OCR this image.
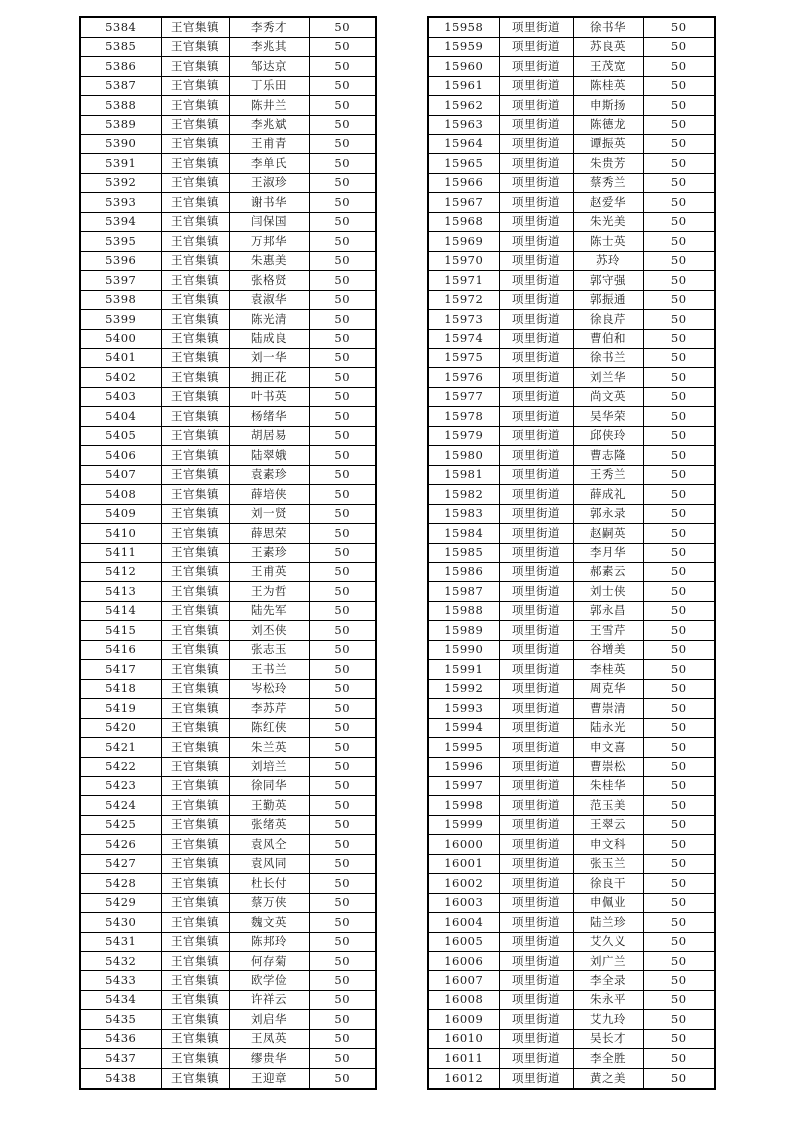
5384	王官集镇	李秀才	50
5385	王官集镇	李兆其	50
5386	王官集镇	邹达京	50
5387	王官集镇	丁乐田	50
5388	王官集镇	陈井兰	50
5389	王官集镇	李兆斌	50
5390	王官集镇	王甫青	50
5391	王官集镇	李单氏	50
5392	王官集镇	王淑珍	50
5393	王官集镇	谢书华	50
5394	王官集镇	闫保国	50
5395	王官集镇	万邦华	50
5396	王官集镇	朱惠美	50
5397	王官集镇	张格贤	50
5398	王官集镇	袁淑华	50
5399	王官集镇	陈光清	50
5400	王官集镇	陆成良	50
5401	王官集镇	刘一华	50
5402	王官集镇	拥正花	50
5403	王官集镇	叶书英	50
5404	王官集镇	杨绪华	50
5405	王官集镇	胡居易	50
5406	王官集镇	陆翠娥	50
5407	王官集镇	袁素珍	50
5408	王官集镇	薛培侠	50
5409	王官集镇	刘一贤	50
5410	王官集镇	薛思荣	50
5411	王官集镇	王素珍	50
5412	王官集镇	王甫英	50
5413	王官集镇	王为哲	50
5414	王官集镇	陆先军	50
5415	王官集镇	刘丕侠	50
5416	王官集镇	张志玉	50
5417	王官集镇	王书兰	50
5418	王官集镇	岑松玲	50
5419	王官集镇	李苏芹	50
5420	王官集镇	陈红侠	50
5421	王官集镇	朱兰英	50
5422	王官集镇	刘培兰	50
5423	王官集镇	徐同华	50
5424	王官集镇	王勤英	50
5425	王官集镇	张绪英	50
5426	王官集镇	袁风仝	50
5427	王官集镇	袁风同	50
5428	王官集镇	杜长付	50
5429	王官集镇	蔡万侠	50
5430	王官集镇	魏文英	50
5431	王官集镇	陈邦玲	50
5432	王官集镇	何存菊	50
5433	王官集镇	欧学俭	50
5434	王官集镇	许祥云	50
5435	王官集镇	刘启华	50
5436	王官集镇	王凤英	50
5437	王官集镇	缪贵华	50
5438	王官集镇	王迎章	50
15958	项里街道	徐书华	50
15959	项里街道	苏良英	50
15960	项里街道	王茂宽	50
15961	项里街道	陈桂英	50
15962	项里街道	申斯扬	50
15963	项里街道	陈德龙	50
15964	项里街道	谭振英	50
15965	项里街道	朱贵芳	50
15966	项里街道	蔡秀兰	50
15967	项里街道	赵爱华	50
15968	项里街道	朱光美	50
15969	项里街道	陈士英	50
15970	项里街道	苏玲	50
15971	项里街道	郭守强	50
15972	项里街道	郭振通	50
15973	项里街道	徐良芹	50
15974	项里街道	曹伯和	50
15975	项里街道	徐书兰	50
15976	项里街道	刘兰华	50
15977	项里街道	尚文英	50
15978	项里街道	吴华荣	50
15979	项里街道	邱侠玲	50
15980	项里街道	曹志隆	50
15981	项里街道	王秀兰	50
15982	项里街道	薛成礼	50
15983	项里街道	郭永录	50
15984	项里街道	赵嗣英	50
15985	项里街道	李月华	50
15986	项里街道	郝素云	50
15987	项里街道	刘士侠	50
15988	项里街道	郭永昌	50
15989	项里街道	王雪芹	50
15990	项里街道	谷增美	50
15991	项里街道	李桂英	50
15992	项里街道	周克华	50
15993	项里街道	曹崇清	50
15994	项里街道	陆永光	50
15995	项里街道	申文喜	50
15996	项里街道	曹崇松	50
15997	项里街道	朱桂华	50
15998	项里街道	范玉美	50
15999	项里街道	王翠云	50
16000	项里街道	申文科	50
16001	项里街道	张玉兰	50
16002	项里街道	徐良干	50
16003	项里街道	申佩业	50
16004	项里街道	陆兰珍	50
16005	项里街道	艾久义	50
16006	项里街道	刘广兰	50
16007	项里街道	李全录	50
16008	项里街道	朱永平	50
16009	项里街道	艾九玲	50
16010	项里街道	吴长才	50
16011	项里街道	李全胜	50
16012	项里街道	黄之美	50
